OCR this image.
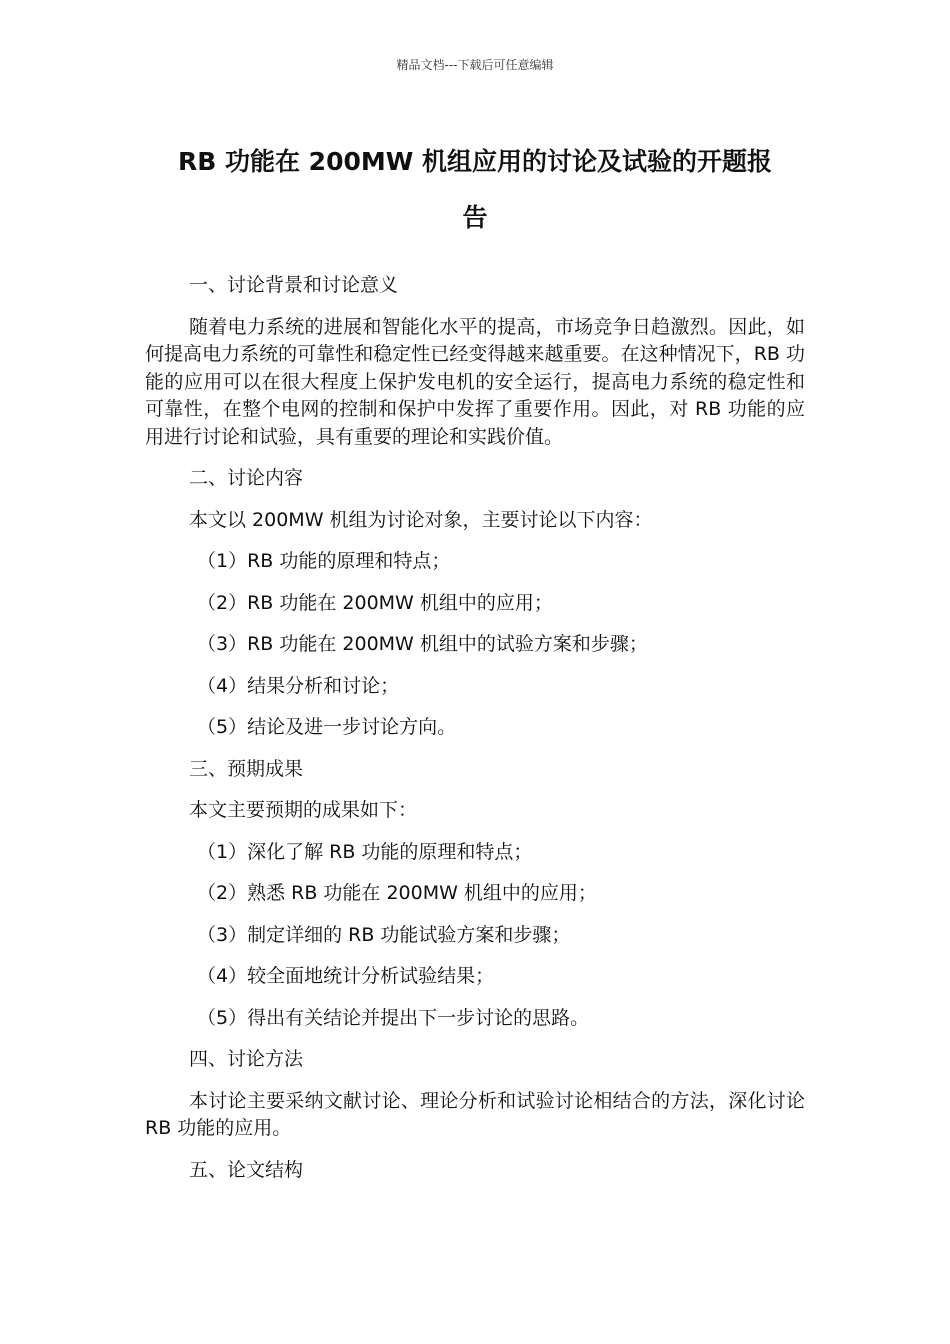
精品文档---下载后可任意编辑
RB 功能在 200MW 机组应用的讨论及试验的开题报
告
一、讨论背景和讨论意义
随着电力系统的进展和智能化水平的提高，市场竞争日趋激烈。因此，如何提高电力系统的可靠性和稳定性已经变得越来越重要。在这种情况下，RB 功能的应用可以在很大程度上保护发电机的安全运行，提高电力系统的稳定性和可靠性，在整个电网的控制和保护中发挥了重要作用。因此，对 RB 功能的应用进行讨论和试验，具有重要的理论和实践价值。
二、讨论内容
本文以 200MW 机组为讨论对象，主要讨论以下内容：
（1）RB 功能的原理和特点；
（2）RB 功能在 200MW 机组中的应用；
（3）RB 功能在 200MW 机组中的试验方案和步骤；
（4）结果分析和讨论；
（5）结论及进一步讨论方向。
三、预期成果
本文主要预期的成果如下：
（1）深化了解 RB 功能的原理和特点；
（2）熟悉 RB 功能在 200MW 机组中的应用；
（3）制定详细的 RB 功能试验方案和步骤；
（4）较全面地统计分析试验结果；
（5）得出有关结论并提出下一步讨论的思路。
四、讨论方法
本讨论主要采纳文献讨论、理论分析和试验讨论相结合的方法，深化讨论 RB 功能的应用。
五、论文结构
